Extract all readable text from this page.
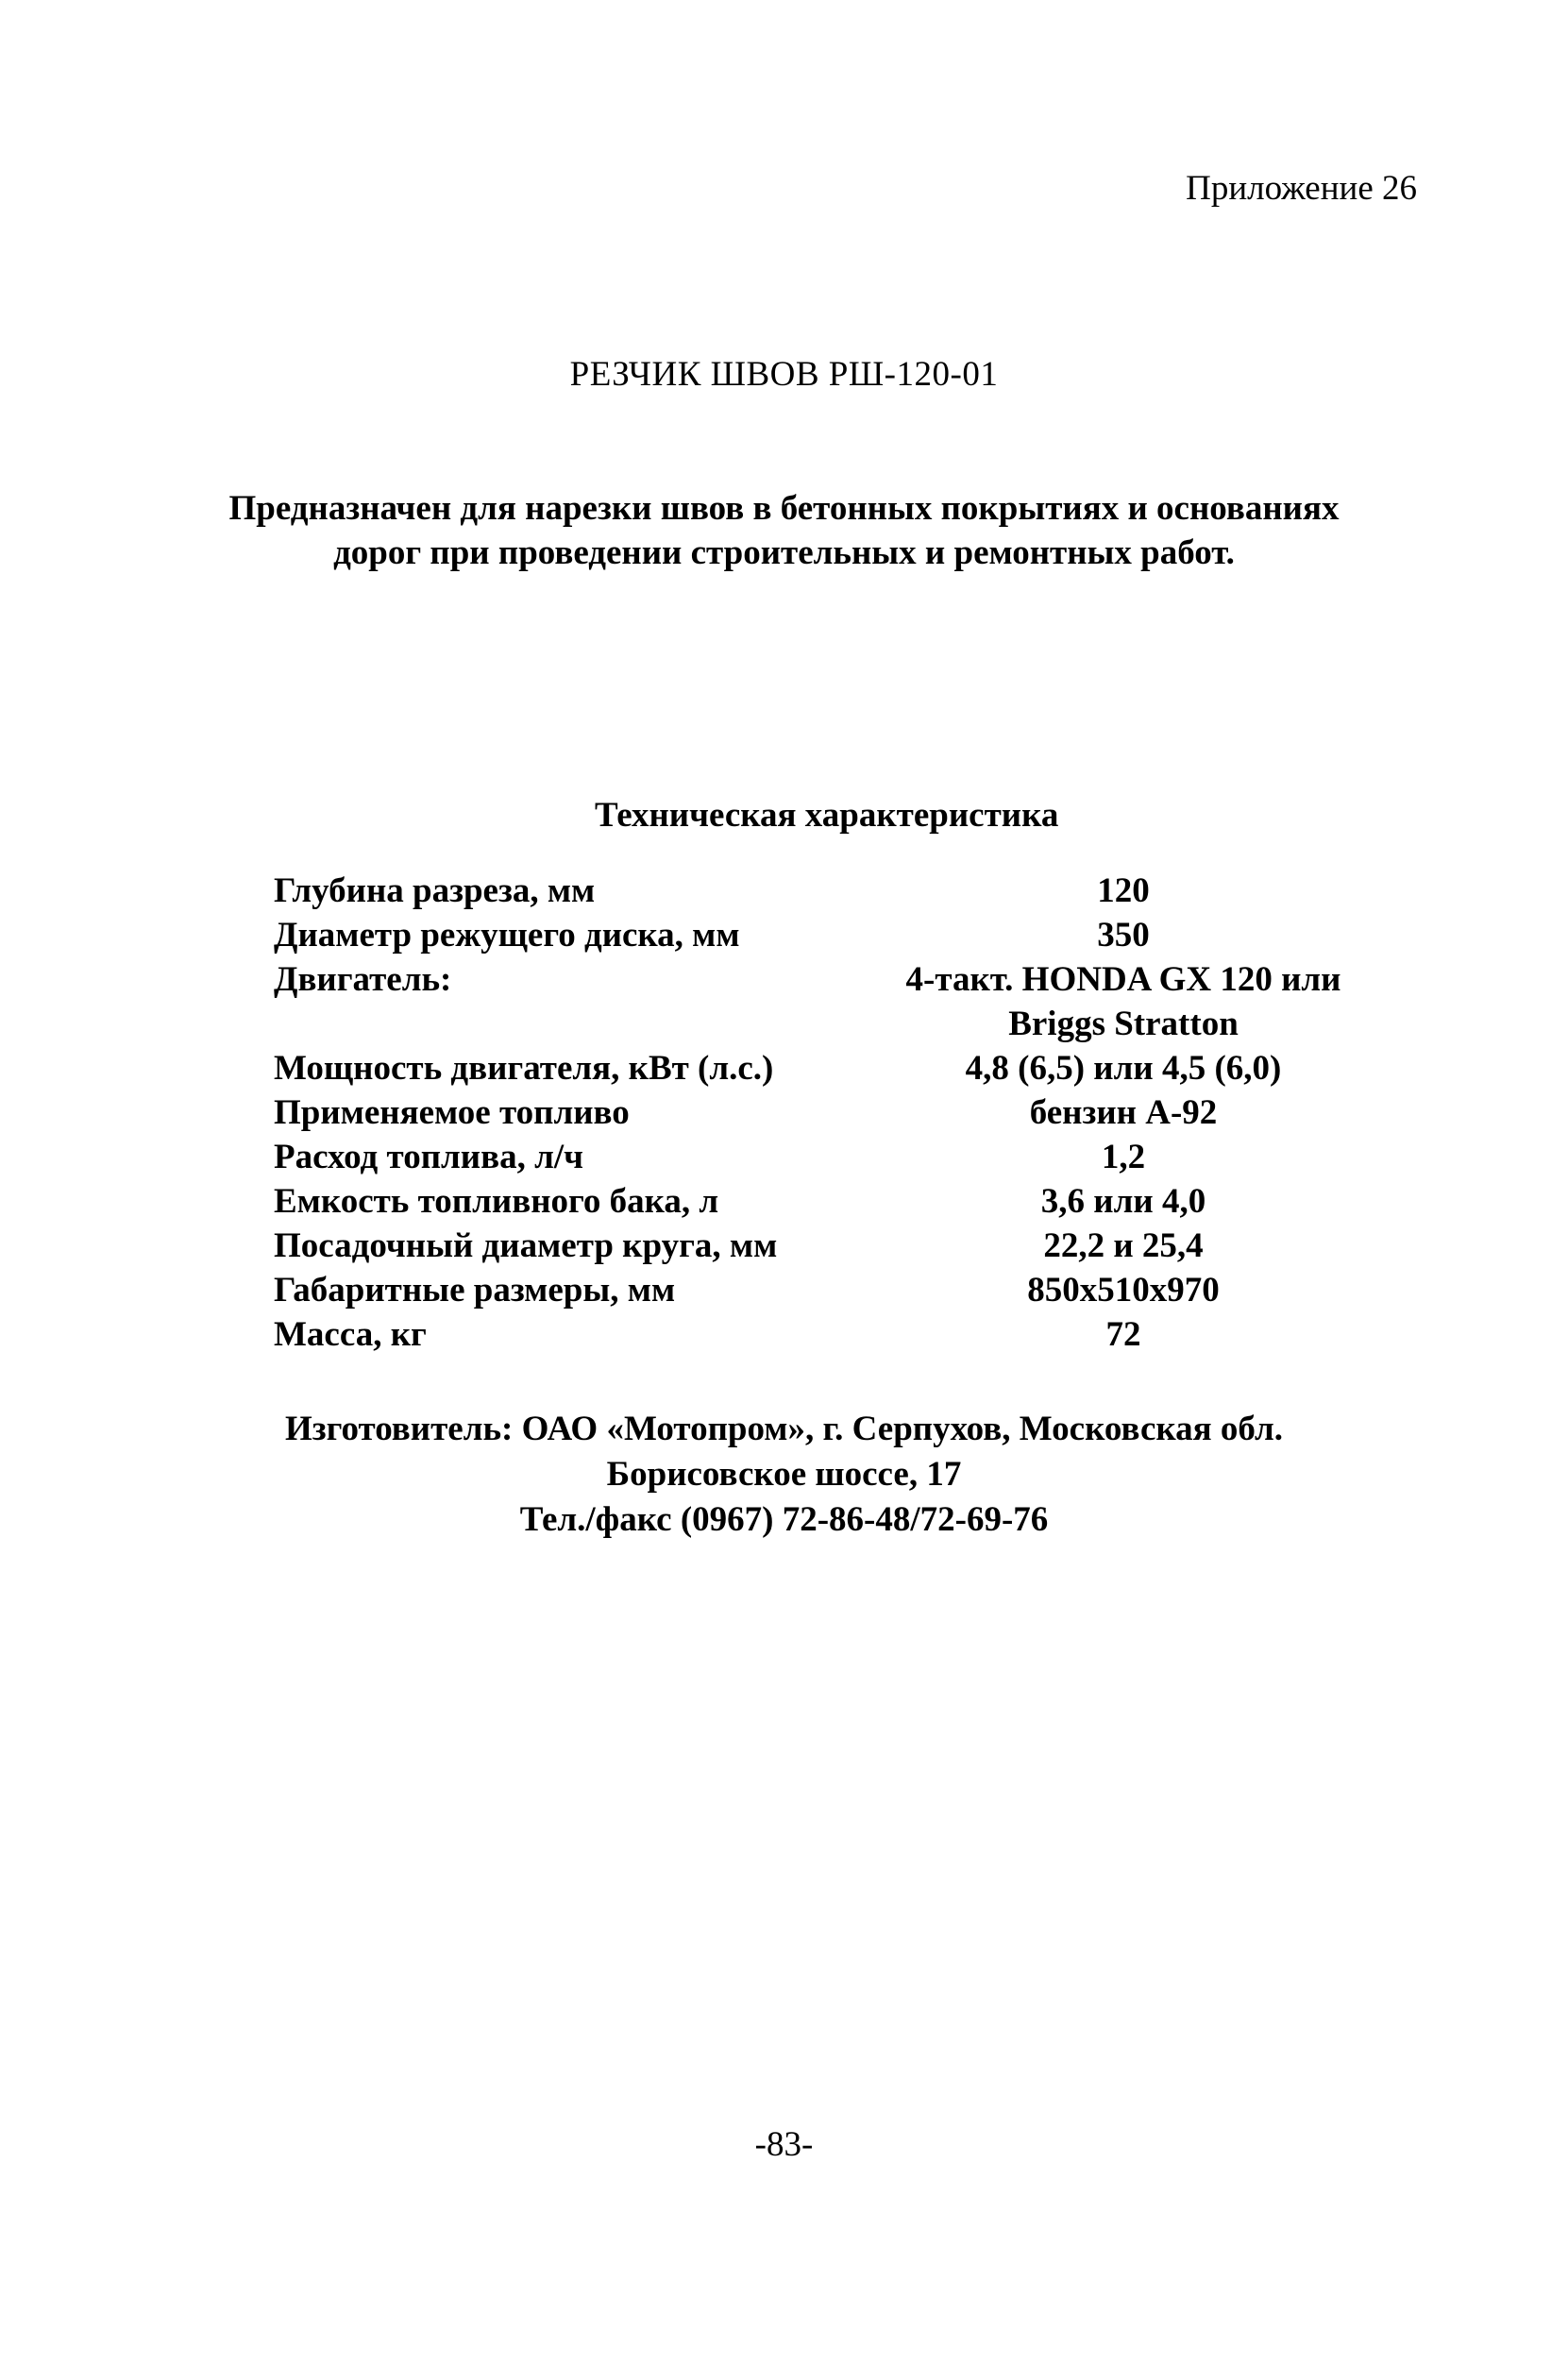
Приложение 26
РЕЗЧИК ШВОВ РШ-120-01
Предназначен для нарезки швов в бетонных покрытиях и основаниях
дорог при проведении строительных и ремонтных работ.
Техническая характеристика
Глубина разреза, мм	120
Диаметр режущего диска, мм	350
Двигатель:	4-такт. HONDA GX 120 или
Briggs Stratton
Мощность двигателя, кВт (л.с.)	4,8 (6,5) или 4,5 (6,0)
Применяемое топливо	бензин А-92
Расход топлива, л/ч	1,2
Емкость топливного бака, л	3,6 или 4,0
Посадочный диаметр круга, мм	22,2 и 25,4
Габаритные размеры, мм	850x510x970
Масса, кг	72
Изготовитель: ОАО «Мотопром», г. Серпухов, Московская обл.
Борисовское шоссе, 17
Тел./факс (0967) 72-86-48/72-69-76
-83-
